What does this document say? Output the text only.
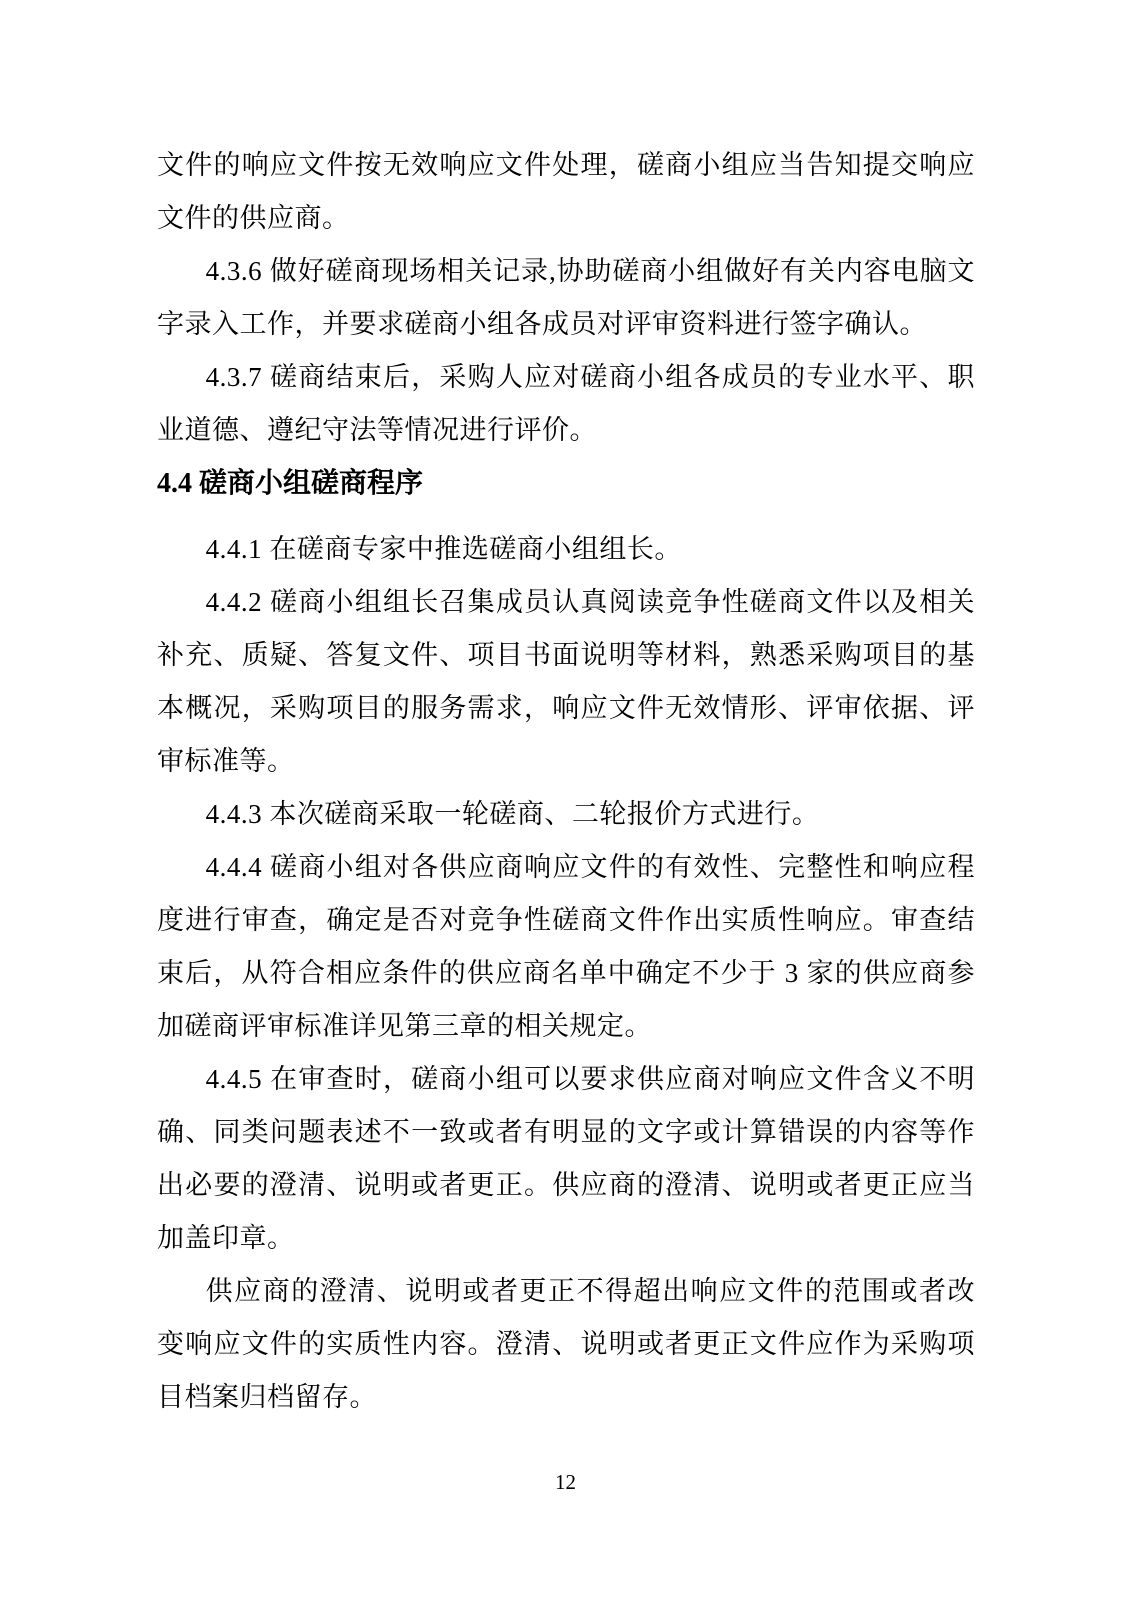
文件的响应文件按无效响应文件处理，磋商小组应当告知提交响应文件的供应商。

4.3.6 做好磋商现场相关记录,协助磋商小组做好有关内容电脑文字录入工作，并要求磋商小组各成员对评审资料进行签字确认。

4.3.7 磋商结束后，采购人应对磋商小组各成员的专业水平、职业道德、遵纪守法等情况进行评价。

4.4 磋商小组磋商程序

4.4.1 在磋商专家中推选磋商小组组长。

4.4.2 磋商小组组长召集成员认真阅读竞争性磋商文件以及相关补充、质疑、答复文件、项目书面说明等材料，熟悉采购项目的基本概况，采购项目的服务需求，响应文件无效情形、评审依据、评审标准等。

4.4.3 本次磋商采取一轮磋商、二轮报价方式进行。

4.4.4 磋商小组对各供应商响应文件的有效性、完整性和响应程度进行审查，确定是否对竞争性磋商文件作出实质性响应。审查结束后，从符合相应条件的供应商名单中确定不少于 3 家的供应商参加磋商评审标准详见第三章的相关规定。

4.4.5 在审查时，磋商小组可以要求供应商对响应文件含义不明确、同类问题表述不一致或者有明显的文字或计算错误的内容等作出必要的澄清、说明或者更正。供应商的澄清、说明或者更正应当加盖印章。

供应商的澄清、说明或者更正不得超出响应文件的范围或者改变响应文件的实质性内容。澄清、说明或者更正文件应作为采购项目档案归档留存。

12
